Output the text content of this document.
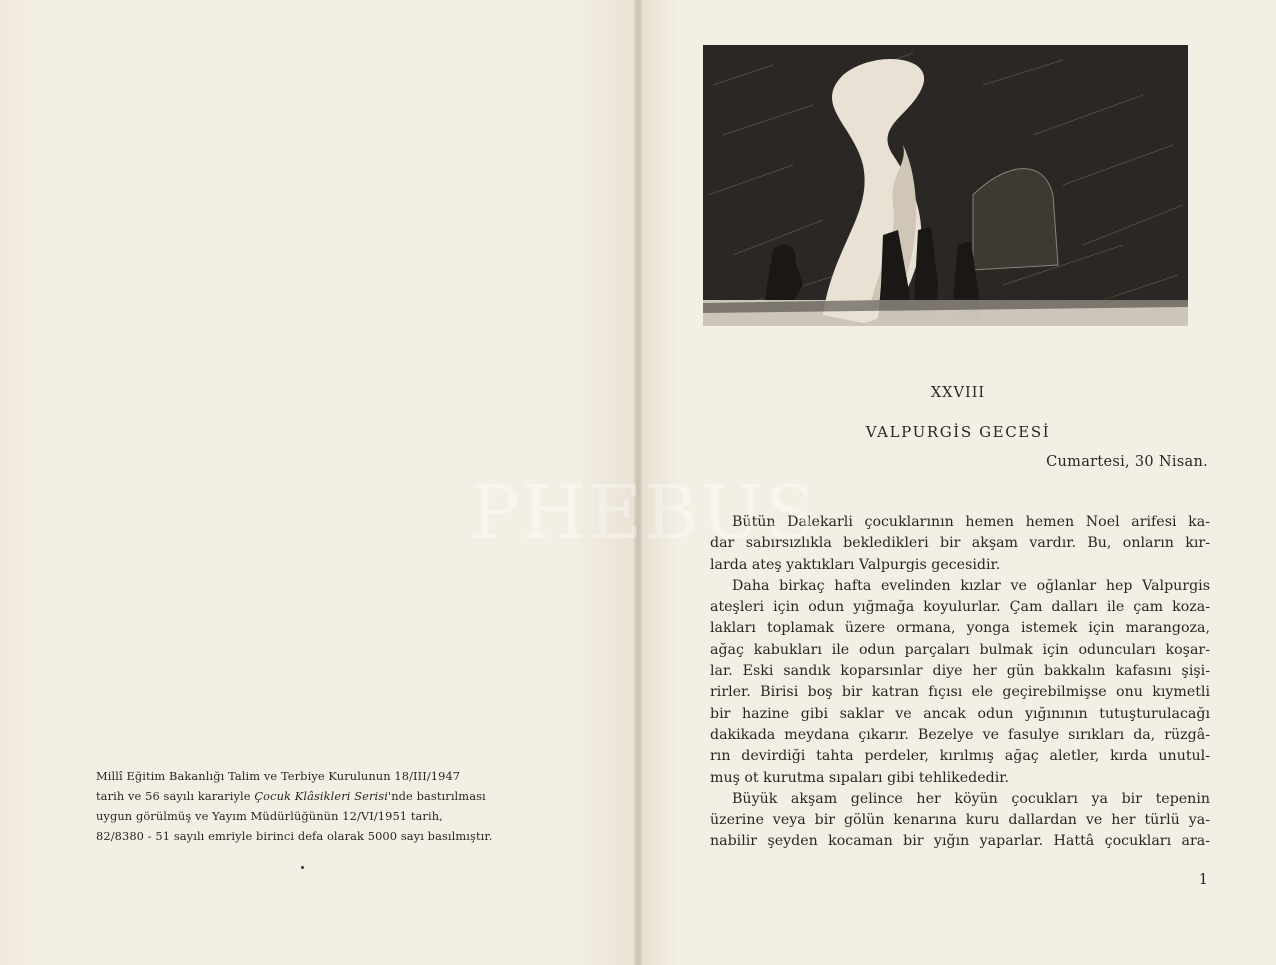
Millî Eğitim Bakanlığı Talim ve Terbiye Kurulunun 18/III/1947

tarih ve 56 sayılı karariyle Çocuk Klâsikleri Serisi'nde bastırılması

uygun görülmüş ve Yayım Müdürlüğünün 12/VI/1951 tarih,

82/8380 - 51 sayılı emriyle birinci defa olarak 5000 sayı basılmıştır.

XXVIII
VALPURGİS GECESİ
Cumartesi, 30 Nisan.
Bütün Dalekarli çocuklarının hemen hemen Noel arifesi ka-
dar sabırsızlıkla bekledikleri bir akşam vardır. Bu, onların kır-
larda ateş yaktıkları Valpurgis gecesidir.
Daha birkaç hafta evelinden kızlar ve oğlanlar hep Valpurgis
ateşleri için odun yığmağa koyulurlar. Çam dalları ile çam koza-
lakları toplamak üzere ormana, yonga istemek için marangoza,
ağaç kabukları ile odun parçaları bulmak için oduncuları koşar-
lar. Eski sandık koparsınlar diye her gün bakkalın kafasını şişi-
rirler. Birisi boş bir katran fıçısı ele geçirebilmişse onu kıymetli
bir hazine gibi saklar ve ancak odun yığınının tutuşturulacağı
dakikada meydana çıkarır. Bezelye ve fasulye sırıkları da, rüzgâ-
rın devirdiği tahta perdeler, kırılmış ağaç aletler, kırda unutul-
muş ot kurutma sıpaları gibi tehlikededir.
Büyük akşam gelince her köyün çocukları ya bir tepenin
üzerine veya bir gölün kenarına kuru dallardan ve her türlü ya-
nabilir şeyden kocaman bir yığın yaparlar. Hattâ çocukları ara-
1
PHEBUS
